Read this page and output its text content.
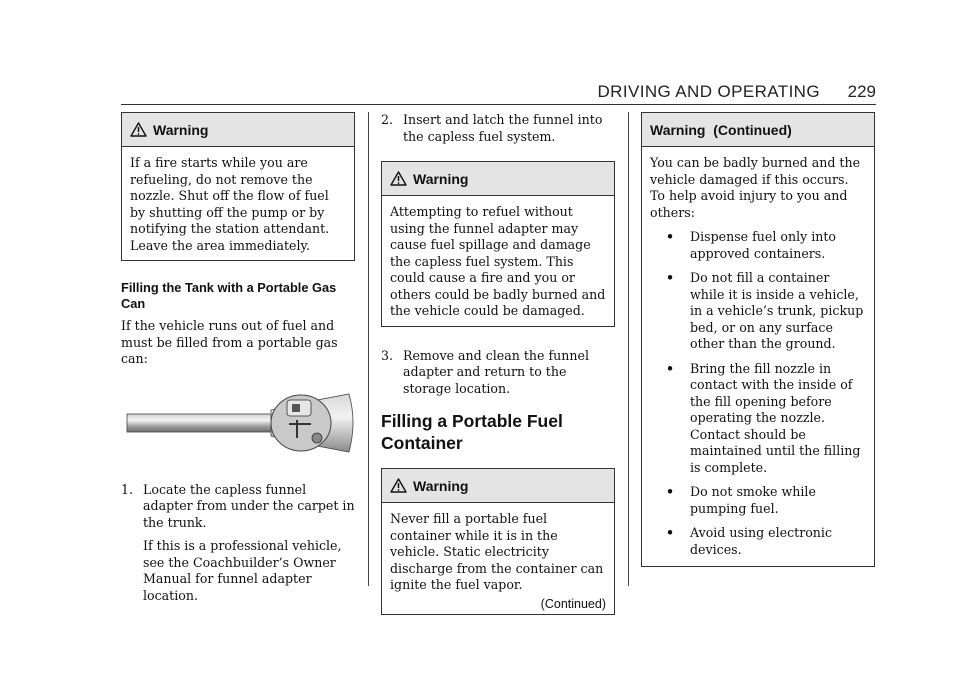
DRIVING AND OPERATING 229
Warning
If a fire starts while you are refueling, do not remove the nozzle. Shut off the flow of fuel by shutting off the pump or by notifying the station attendant. Leave the area immediately.

Filling the Tank with a Portable Gas Can

If the vehicle runs out of fuel and must be filled from a portable gas can:

1. Locate the capless funnel adapter from under the carpet in the trunk.

If this is a professional vehicle, see the Coachbuilder’s Owner Manual for funnel adapter location.

2. Insert and latch the funnel into the capless fuel system.

Warning
Attempting to refuel without using the funnel adapter may cause fuel spillage and damage the capless fuel system. This could cause a fire and you or others could be badly burned and the vehicle could be damaged.
3. Remove and clean the funnel adapter and return to the storage location.

Filling a Portable Fuel Container

Warning

Never fill a portable fuel container while it is in the vehicle. Static electricity discharge from the container can ignite the fuel vapor.

(Continued)

Warning  (Continued)

You can be badly burned and the vehicle damaged if this occurs. To help avoid injury to you and others:

•	Dispense fuel only into approved containers.
•	Do not fill a container while it is inside a vehicle, in a vehicle’s trunk, pickup bed, or on any surface other than the ground.
•	Bring the fill nozzle in contact with the inside of the fill opening before operating the nozzle. Contact should be maintained until the filling is complete.
•	Do not smoke while pumping fuel.
•	Avoid using electronic devices.
